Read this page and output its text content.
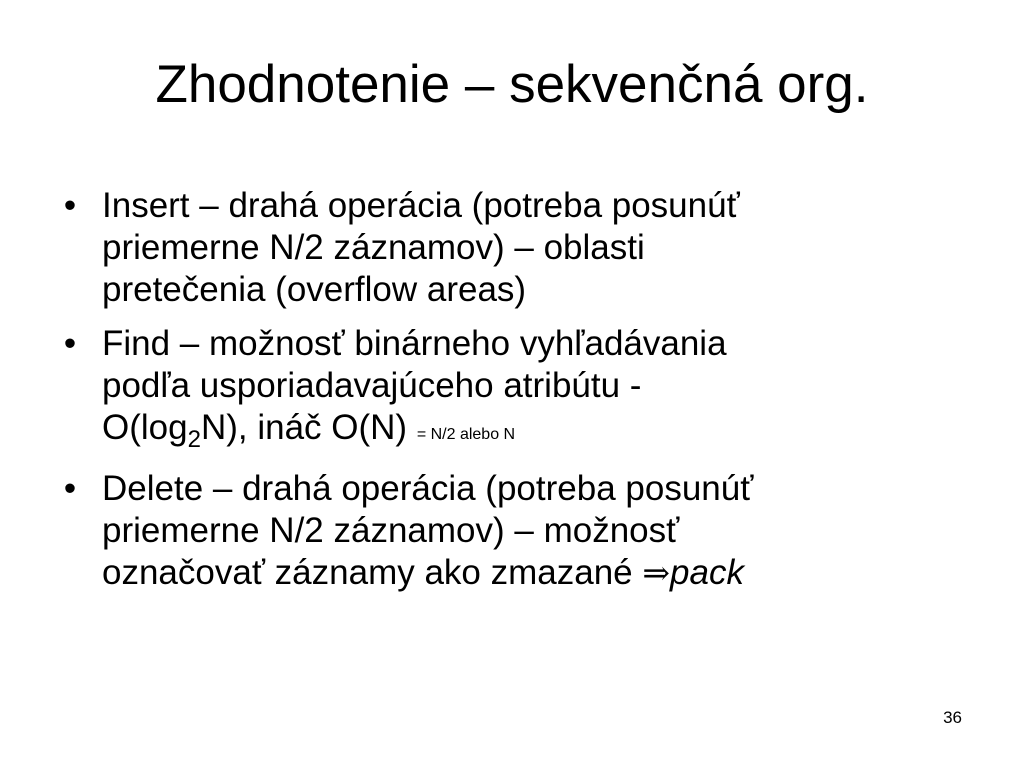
Zhodnotenie – sekvenčná org.
• Insert – drahá operácia (potreba posunúť
priemerne N/2 záznamov) – oblasti
pretečenia (overflow areas)
• Find – možnosť binárneho vyhľadávania
podľa usporiadavajúceho atribútu -
$O(\log_2N)$, ináč O(N) = N/2 alebo N
• Delete – drahá operácia (potreba posunúť
priemerne N/2 záznamov) – možnosť
označovať záznamy ako zmazané ⇒pack
36
